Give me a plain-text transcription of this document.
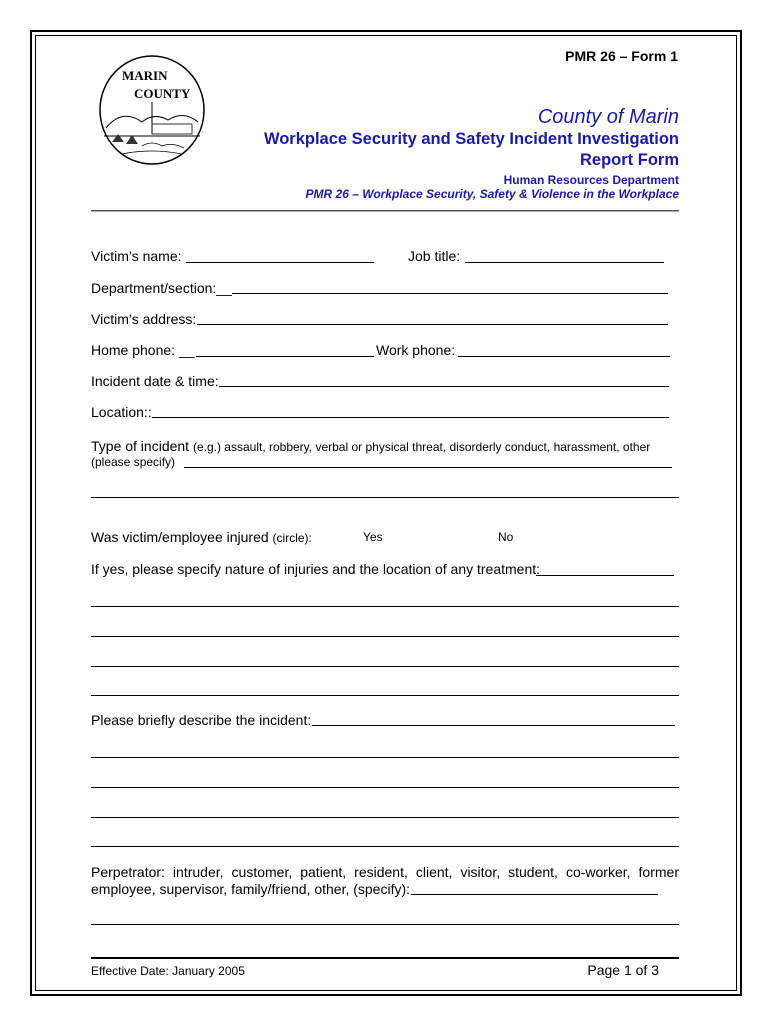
PMR 26 – Form 1
MARIN
COUNTY
County of Marin
Workplace Security and Safety Incident Investigation
Report Form
Human Resources Department
PMR 26 – Workplace Security, Safety & Violence in the Workplace
Victim’s name:	Job title:
Department/section:__
Victim’s address:
Home phone: __	Work phone:
Incident date & time:
Location::
Type of incident (e.g.) assault, robbery, verbal or physical threat, disorderly conduct, harassment, other
(please specify)
Was victim/employee injured (circle):	Yes	No
If yes, please specify nature of injuries and the location of any treatment:
Please briefly describe the incident:
Perpetrator: intruder, customer, patient, resident, client, visitor, student, co-worker, former
employee, supervisor, family/friend, other, (specify):
Effective Date: January 2005	Page 1 of 3
